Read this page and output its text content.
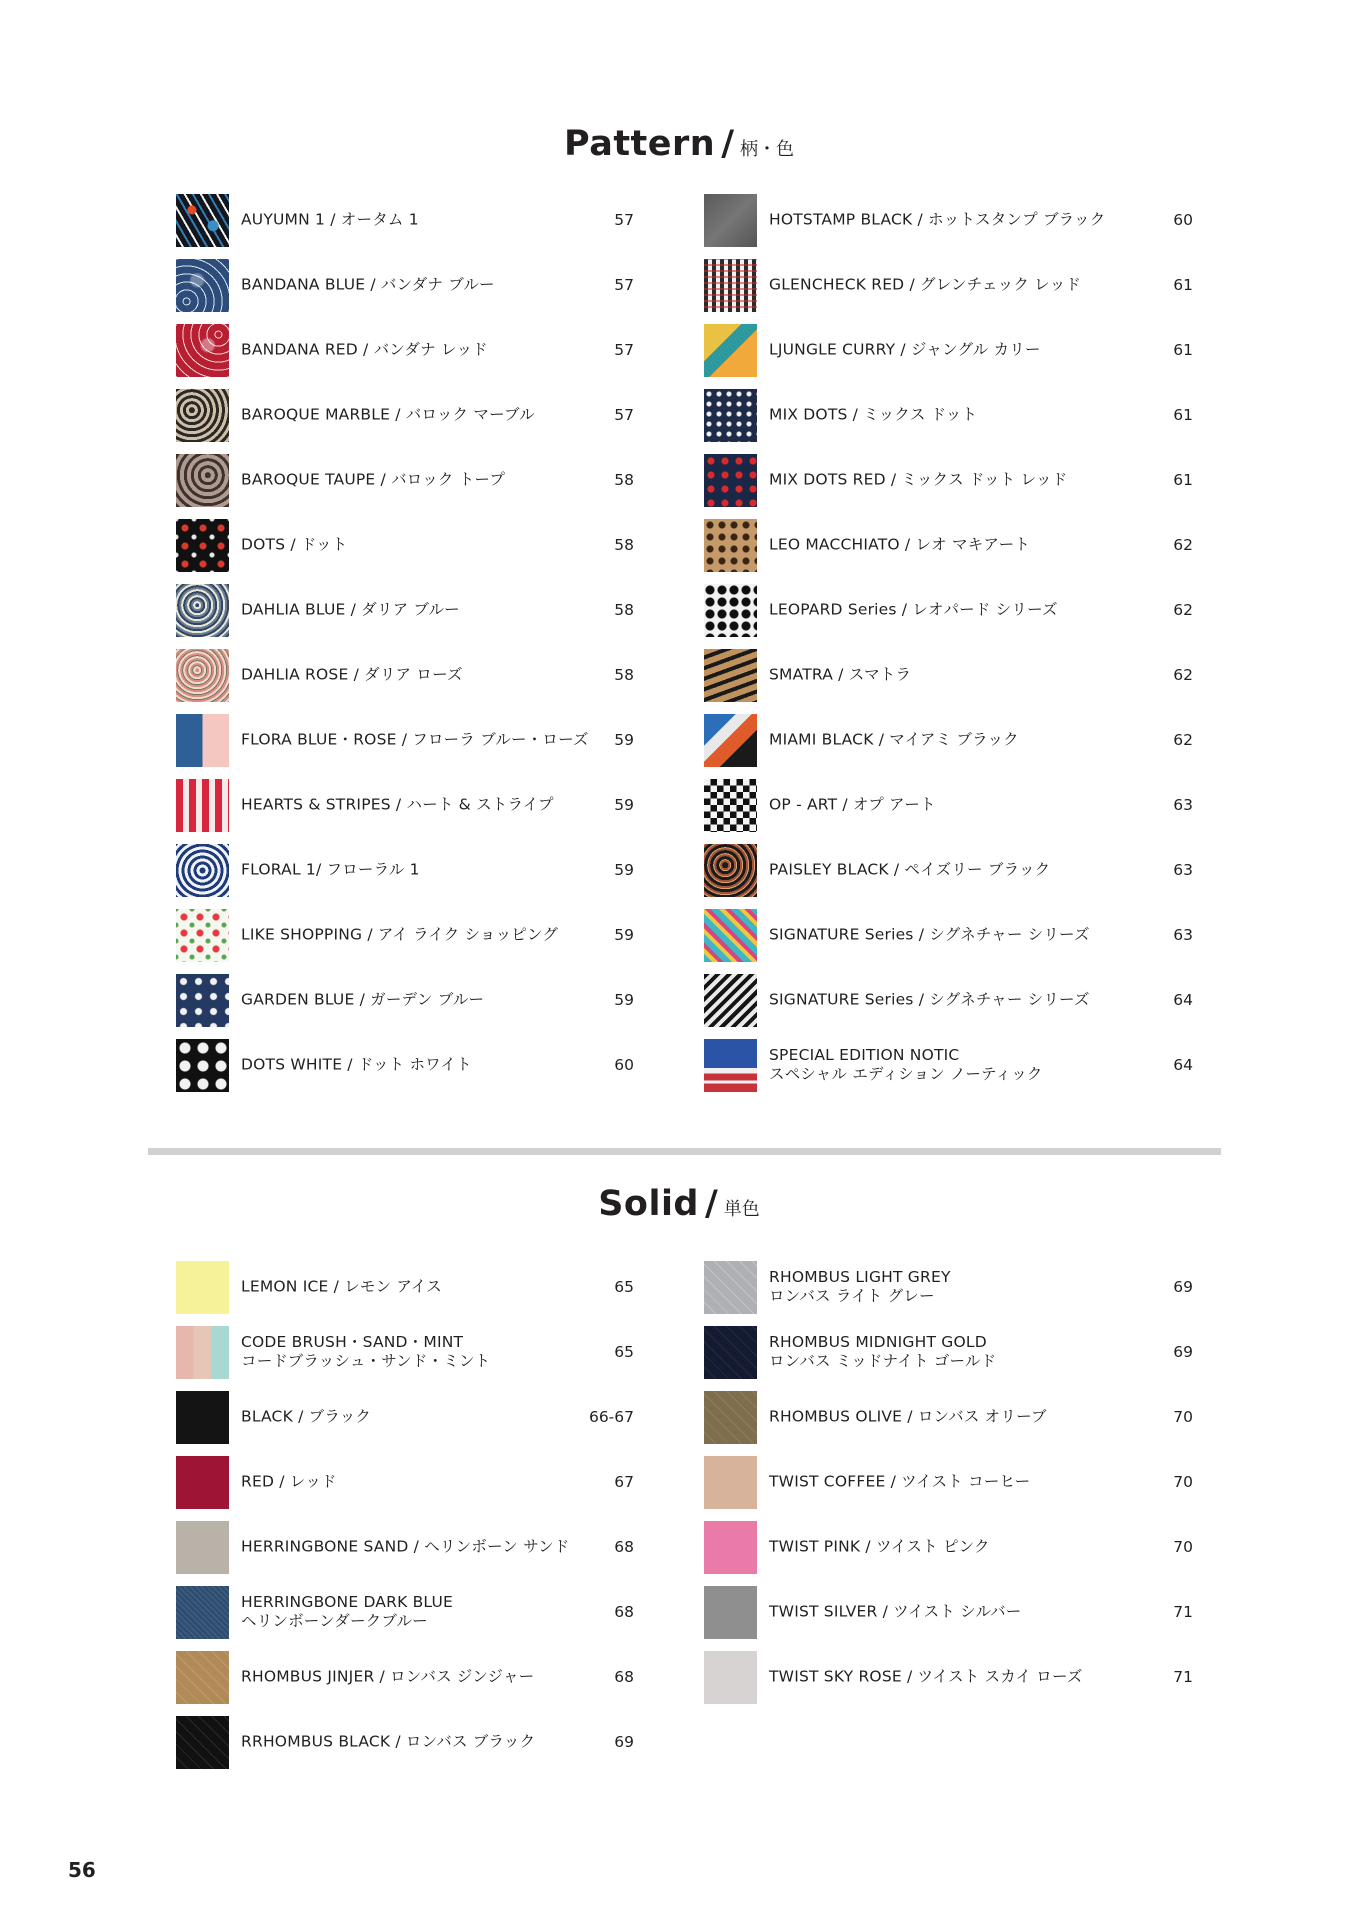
Pattern / 柄・色
AUYUMN 1 / オータム 1	57
BANDANA BLUE / バンダナ ブルー	57
BANDANA RED / バンダナ レッド	57
BAROQUE MARBLE / バロック マーブル	57
BAROQUE TAUPE / バロック トープ	58
DOTS / ドット	58
DAHLIA BLUE / ダリア ブルー	58
DAHLIA ROSE / ダリア ローズ	58
FLORA BLUE・ROSE / フローラ ブルー・ローズ	59
HEARTS & STRIPES / ハート & ストライプ	59
FLORAL 1/ フローラル 1	59
LIKE SHOPPING / アイ ライク ショッピング	59
GARDEN BLUE / ガーデン ブルー	59
DOTS WHITE / ドット ホワイト	60
HOTSTAMP BLACK / ホットスタンプ ブラック	60
GLENCHECK RED / グレンチェック レッド	61
LJUNGLE CURRY / ジャングル カリー	61
MIX DOTS / ミックス ドット	61
MIX DOTS RED / ミックス ドット レッド	61
LEO MACCHIATO / レオ マキアート	62
LEOPARD Series / レオパード シリーズ	62
SMATRA / スマトラ	62
MIAMI BLACK / マイアミ ブラック	62
OP - ART / オプ アート	63
PAISLEY BLACK / ペイズリー ブラック	63
SIGNATURE Series / シグネチャー シリーズ	63
SIGNATURE Series / シグネチャー シリーズ	64
SPECIAL EDITION NOTIC
スペシャル エディション ノーティック	64
Solid / 単色
LEMON ICE / レモン アイス	65
CODE BRUSH・SAND・MINT
コードブラッシュ・サンド・ミント	65
BLACK / ブラック	66-67
RED / レッド	67
HERRINGBONE SAND / ヘリンボーン サンド	68
HERRINGBONE DARK BLUE
ヘリンボーンダークブルー	68
RHOMBUS JINJER / ロンバス ジンジャー	68
RRHOMBUS BLACK / ロンバス ブラック	69
RHOMBUS LIGHT GREY
ロンバス ライト グレー	69
RHOMBUS MIDNIGHT GOLD
ロンバス ミッドナイト ゴールド	69
RHOMBUS OLIVE / ロンバス オリーブ	70
TWIST COFFEE / ツイスト コーヒー	70
TWIST PINK / ツイスト ピンク	70
TWIST SILVER / ツイスト シルバー	71
TWIST SKY ROSE / ツイスト スカイ ローズ	71
56
